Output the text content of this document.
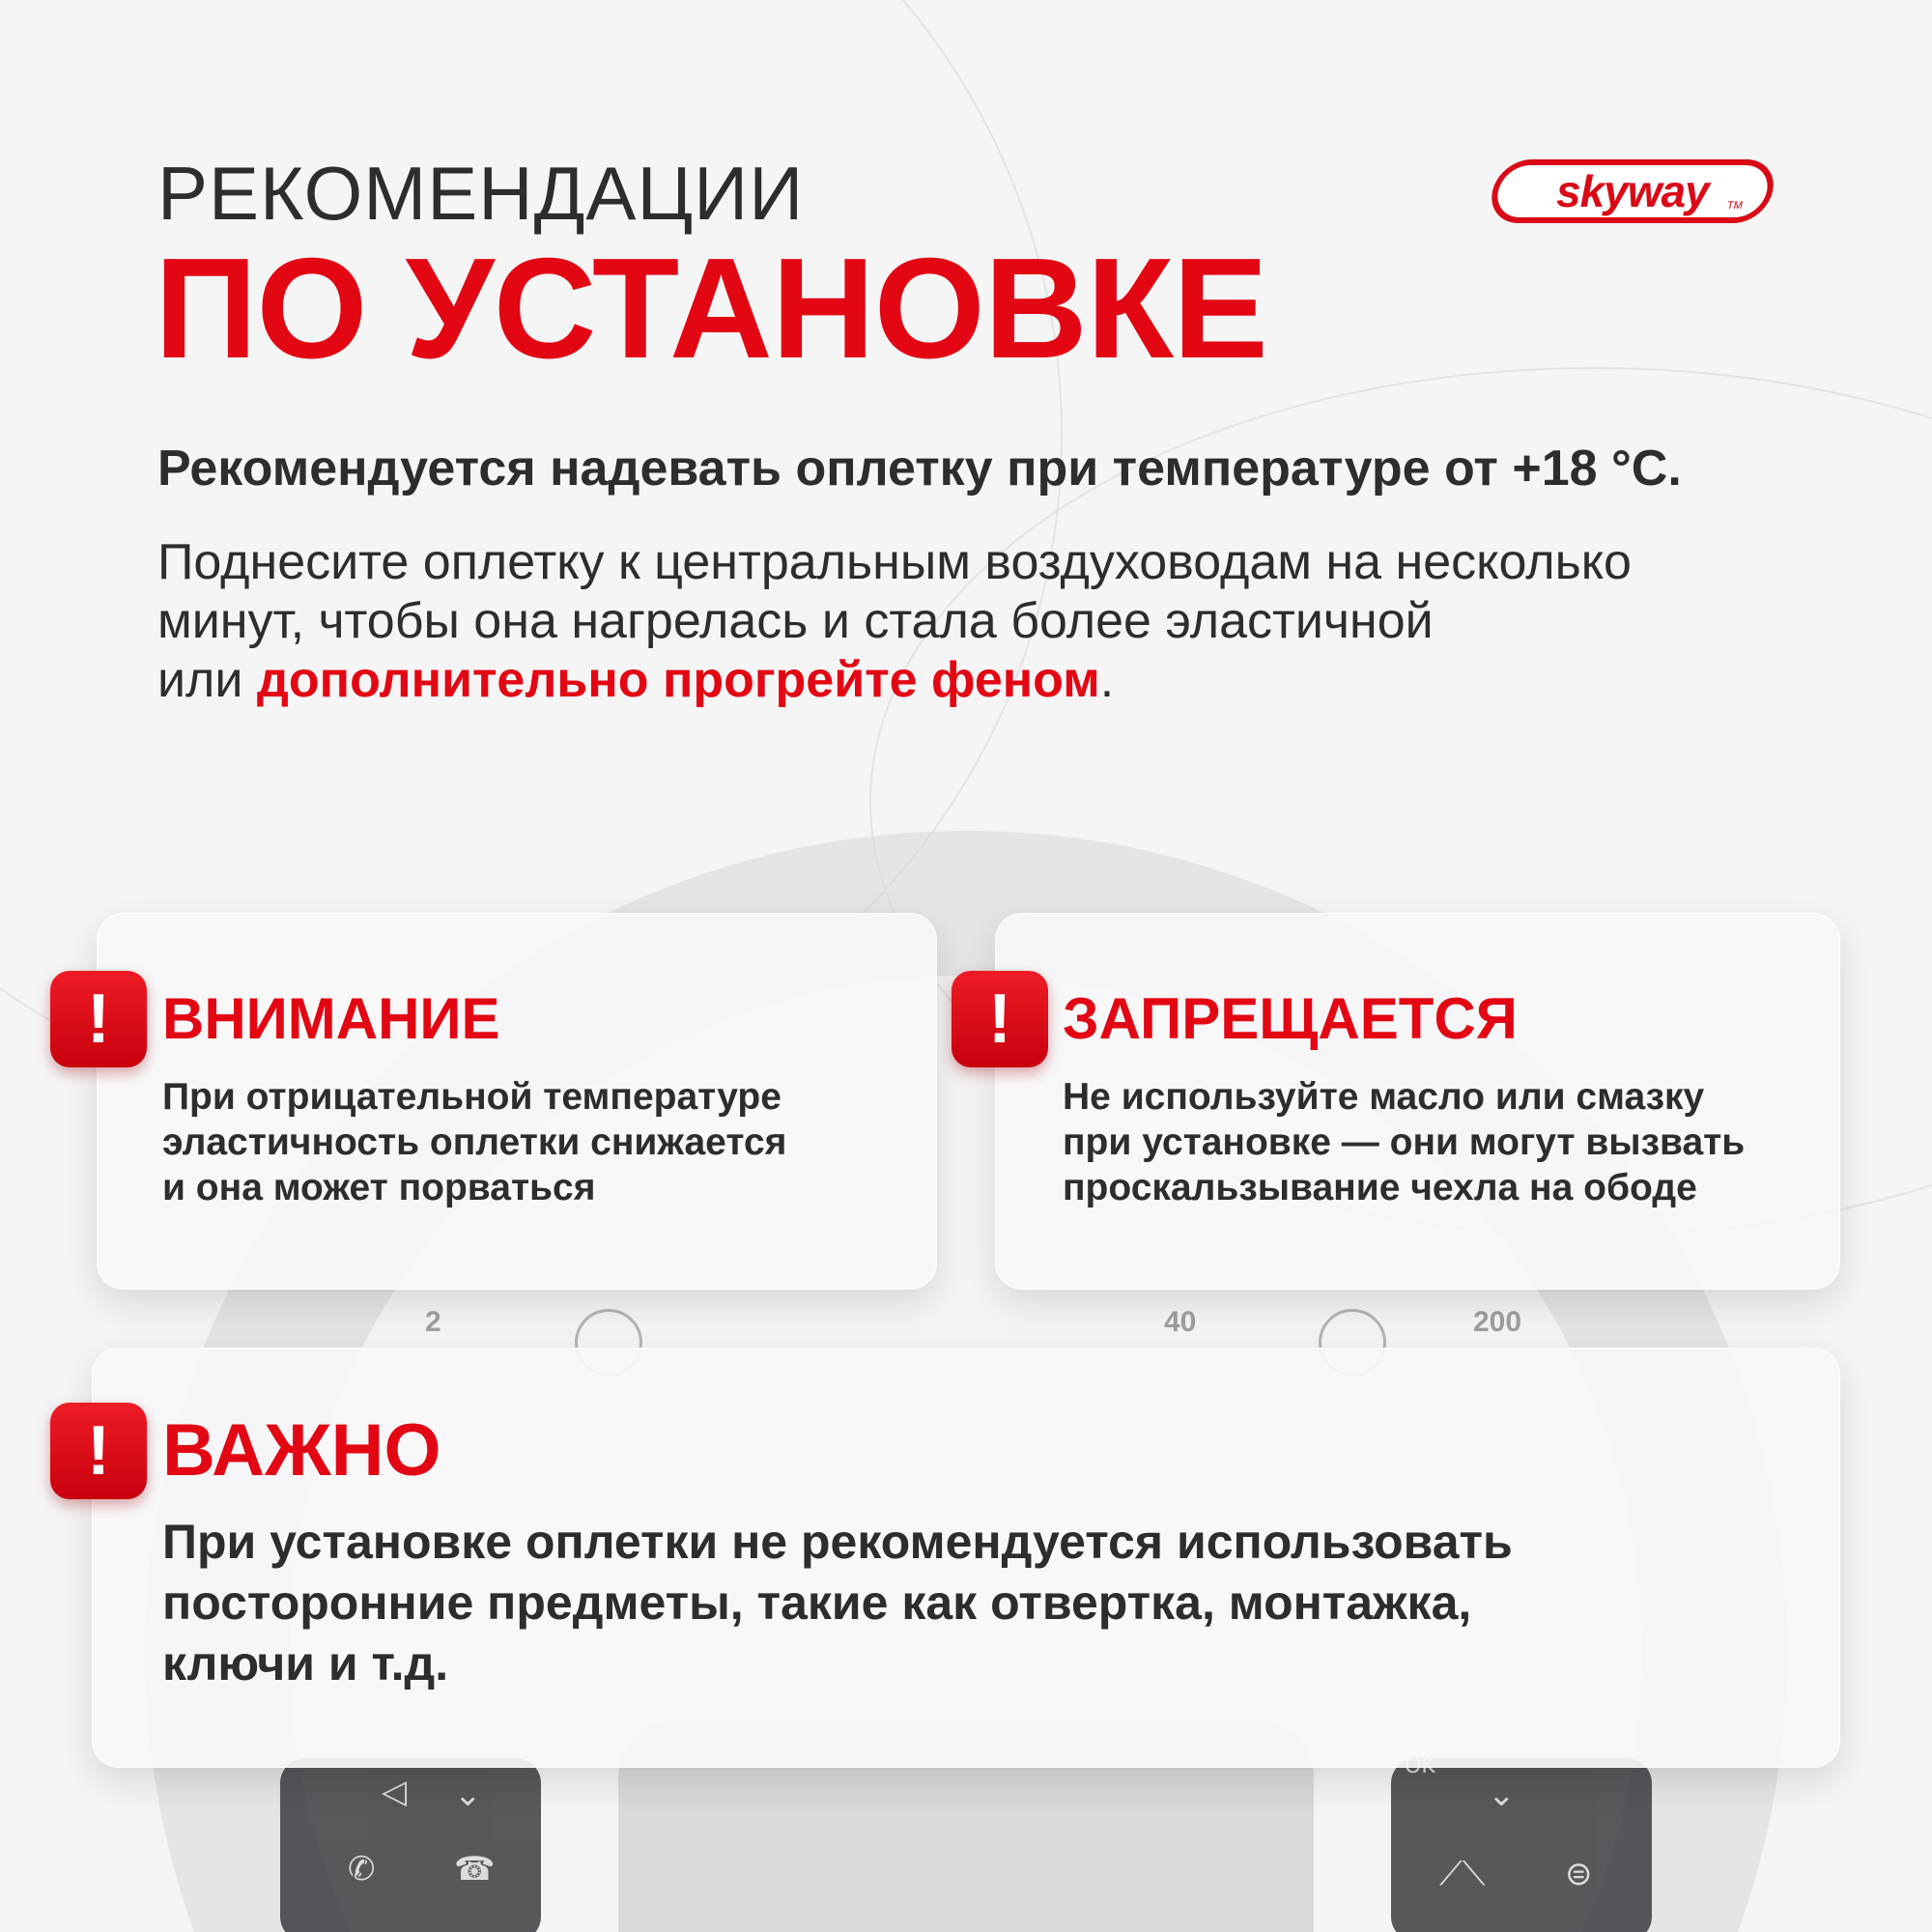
2	40	200
◁ ⌄
✆ ☎
⌄
⟋⟍ ⊜
РЕКОМЕНДАЦИИ
ПО УСТАНОВКЕ
skyway TM
Рекомендуется надевать оплетку при температуре от +18 °C.
Поднесите оплетку к центральным воздуховодам на несколько
минут, чтобы она нагрелась и стала более эластичной
или дополнительно прогрейте феном.
! ВНИМАНИЕ
При отрицательной температуре
эластичность оплетки снижается
и она может порваться
! ЗАПРЕЩАЕТСЯ
Не используйте масло или смазку
при установке — они могут вызвать
проскальзывание чехла на ободе
! ВАЖНО
При установке оплетки не рекомендуется использовать
посторонние предметы, такие как отвертка, монтажка,
ключи и т.д.
